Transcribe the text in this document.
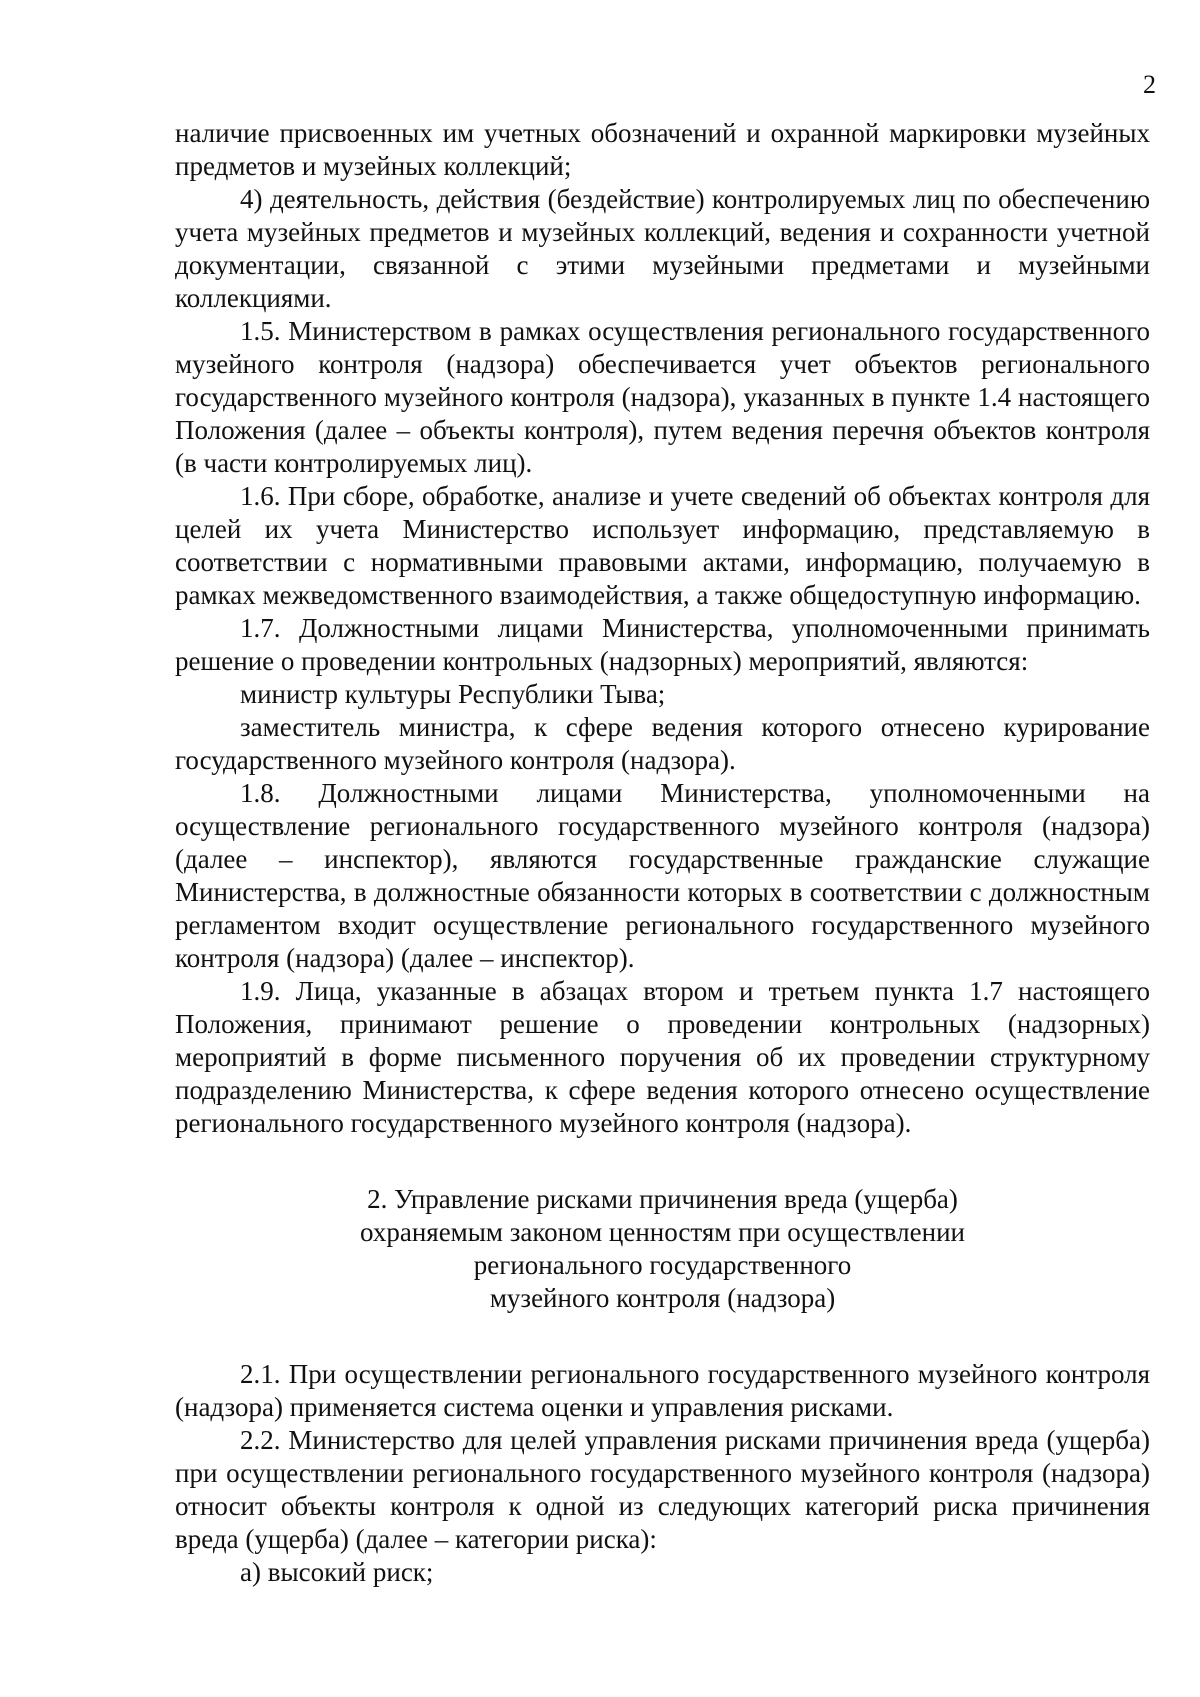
2

наличие присвоенных им учетных обозначений и охранной маркировки музейных предметов и музейных коллекций;

4) деятельность, действия (бездействие) контролируемых лиц по обеспечению учета музейных предметов и музейных коллекций, ведения и сохранности учетной документации, связанной с этими музейными предметами и музейными коллекциями.

1.5. Министерством в рамках осуществления регионального государственного музейного контроля (надзора) обеспечивается учет объектов регионального государственного музейного контроля (надзора), указанных в пункте 1.4 настоящего Положения (далее – объекты контроля), путем ведения перечня объектов контроля (в части контролируемых лиц).

1.6. При сборе, обработке, анализе и учете сведений об объектах контроля для целей их учета Министерство использует информацию, представляемую в соответствии с нормативными правовыми актами, информацию, получаемую в рамках межведомственного взаимодействия, а также общедоступную информацию.

1.7. Должностными лицами Министерства, уполномоченными принимать решение о проведении контрольных (надзорных) мероприятий, являются:

министр культуры Республики Тыва;

заместитель министра, к сфере ведения которого отнесено курирование государственного музейного контроля (надзора).

1.8. Должностными лицами Министерства, уполномоченными на осуществление регионального государственного музейного контроля (надзора) (далее – инспектор), являются государственные гражданские служащие Министерства, в должностные обязанности которых в соответствии с должностным регламентом входит осуществление регионального государственного музейного контроля (надзора) (далее – инспектор).

1.9. Лица, указанные в абзацах втором и третьем пункта 1.7 настоящего Положения, принимают решение о проведении контрольных (надзорных) мероприятий в форме письменного поручения об их проведении структурному подразделению Министерства, к сфере ведения которого отнесено осуществление регионального государственного музейного контроля (надзора).

2. Управление рисками причинения вреда (ущерба)
охраняемым законом ценностям при осуществлении
регионального государственного
музейного контроля (надзора)

2.1. При осуществлении регионального государственного музейного контроля (надзора) применяется система оценки и управления рисками.

2.2. Министерство для целей управления рисками причинения вреда (ущерба) при осуществлении регионального государственного музейного контроля (надзора) относит объекты контроля к одной из следующих категорий риска причинения вреда (ущерба) (далее – категории риска):

а) высокий риск;
